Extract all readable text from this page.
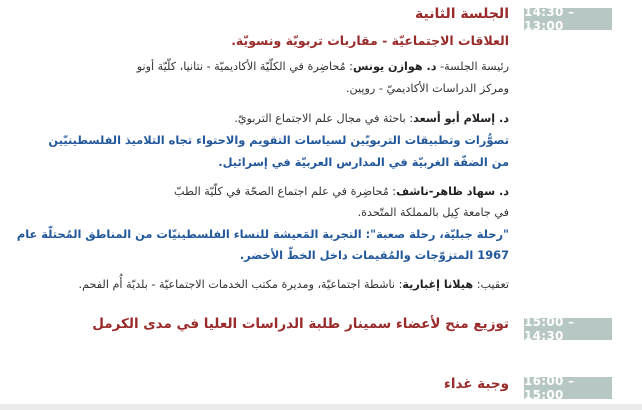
14:30 – 13:00
الجلسة الثانية
العلاقات الاجتماعيّة - مقاربات تربويّة ونسويّة.
رئيسة الجلسة- د. هوازن يونس: مُحاضِرة في الكلّيّة الأكاديميّة - نتانيا، كلّيّة أونو
ومركز الدراسات الأكاديميّ - روپين.
د. إسلام أبو أسعد: باحثة في مجال علم الاجتماع التربويّ.
تصوُّرات وتطبيقات التربويّين لسياسات التقويم والاحتواء تجاه التلاميذ الفلسطينيّين
من الضفّة الغربيّة في المدارس العربيّة في إسرائيل.
د. سهاد ظاهر-ناشف: مُحاضِرة في علم اجتماع الصحّة في كلّيّة الطبّ
في جامعة كِيل بالمملكة المتّحدة.
"رحلة جبليّة، رحلة صعبة": التجربة المَعيشة للنساء الفلسطينيّات من المناطق المُحتلّة عام
1967 المتزوّجات والمُقيمات داخل الخطّ الأخضر.
تعقيب: هيلانا إغبارية: ناشطة اجتماعيّة، ومديرة مكتب الخدمات الاجتماعيّة - بلديّة أُم الفحم.
15:00 – 14:30
توزيع منح لأعضاء سمينار طلبة الدراسات العليا في مدى الكرمل
16:00 – 15:00
وجبة غداء
